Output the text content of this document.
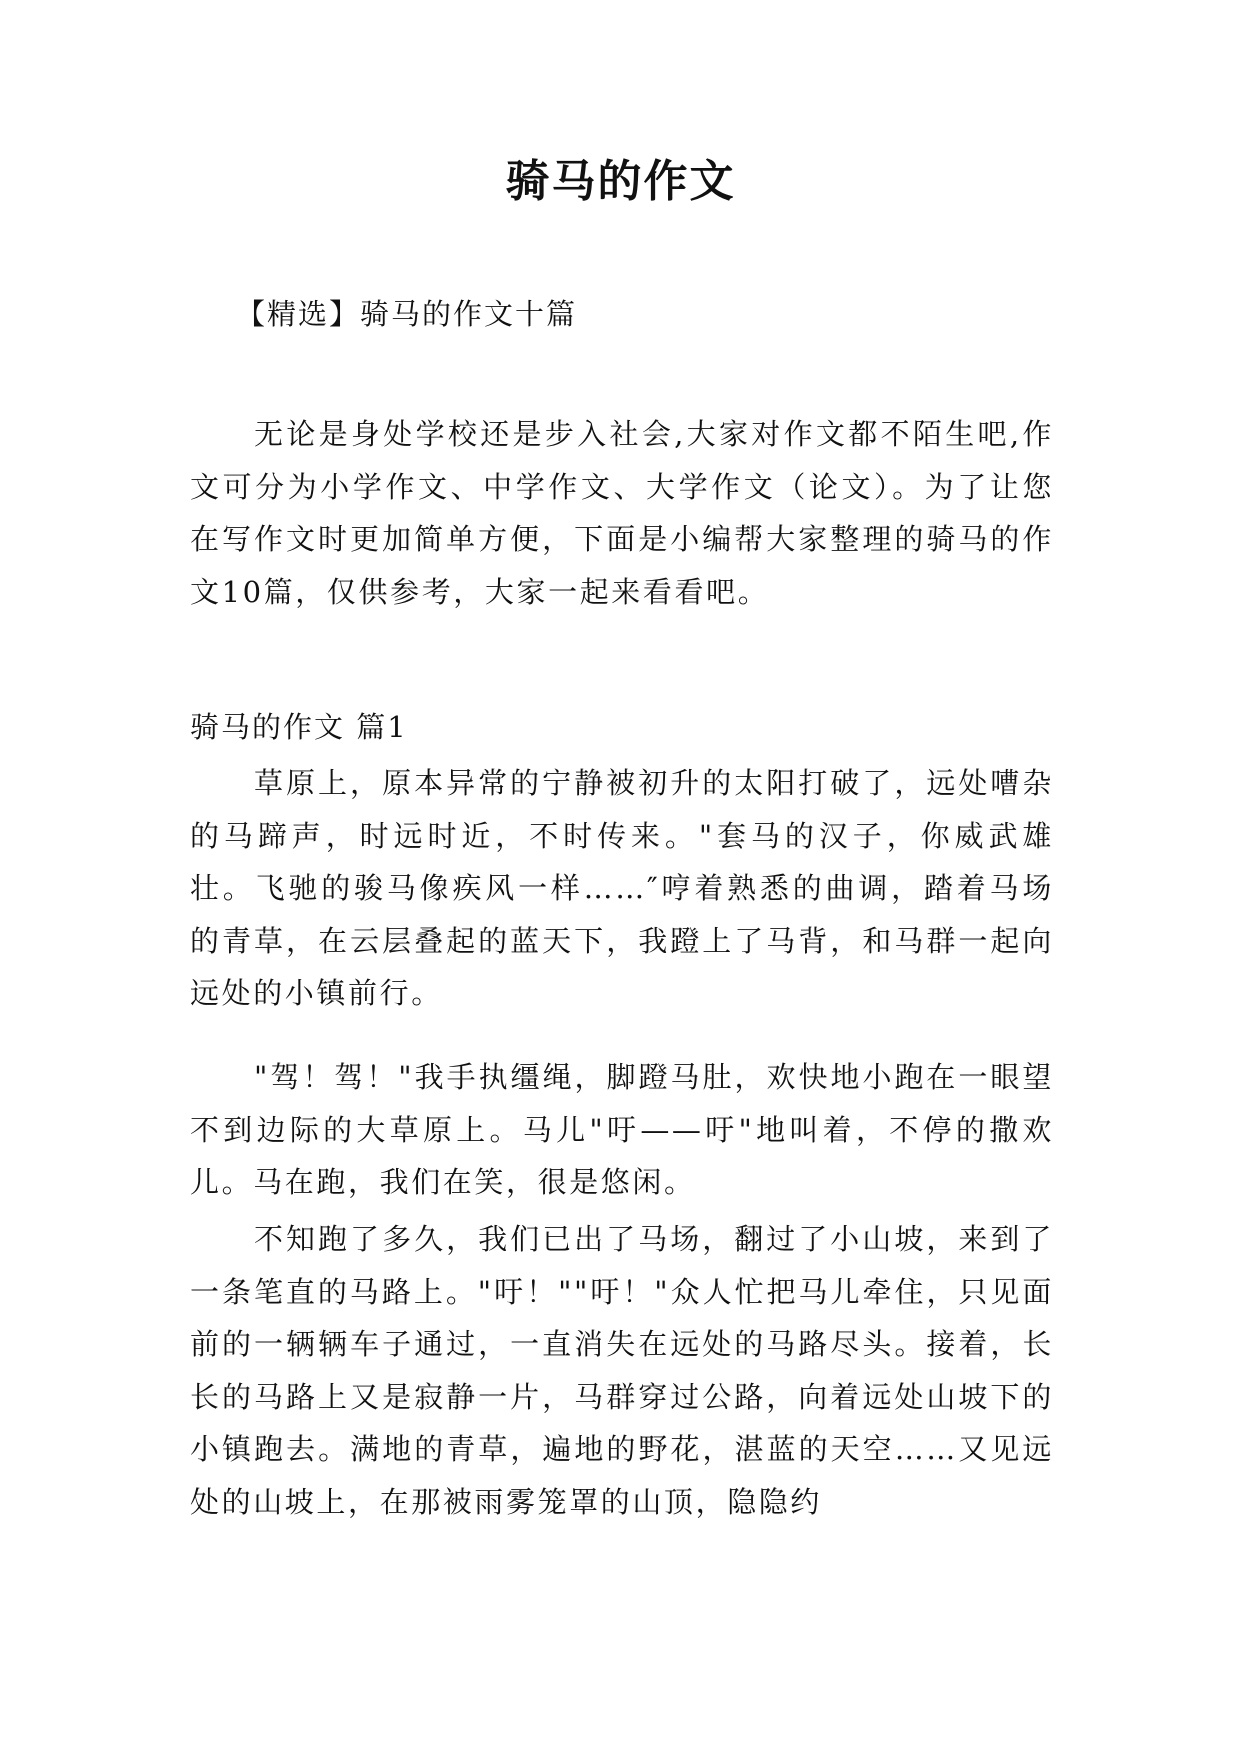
骑马的作文
【精选】骑马的作文十篇

无论是身处学校还是步入社会,大家对作文都不陌生吧,作文可分为小学作文、中学作文、大学作文（论文）。为了让您在写作文时更加简单方便，下面是小编帮大家整理的骑马的作文10篇，仅供参考，大家一起来看看吧。

骑马的作文 篇1

草原上，原本异常的宁静被初升的太阳打破了，远处嘈杂的马蹄声，时远时近，不时传来。"套马的汉子，你威武雄壮。飞驰的骏马像疾风一样……″哼着熟悉的曲调，踏着马场的青草，在云层叠起的蓝天下，我蹬上了马背，和马群一起向远处的小镇前行。

"驾！驾！"我手执缰绳，脚蹬马肚，欢快地小跑在一眼望不到边际的大草原上。马儿"吁——吁"地叫着，不停的撒欢儿。马在跑，我们在笑，很是悠闲。

不知跑了多久，我们已出了马场，翻过了小山坡，来到了一条笔直的马路上。"吁！""吁！"众人忙把马儿牵住，只见面前的一辆辆车子通过，一直消失在远处的马路尽头。接着，长长的马路上又是寂静一片，马群穿过公路，向着远处山坡下的小镇跑去。满地的青草，遍地的野花，湛蓝的天空……又见远处的山坡上，在那被雨雾笼罩的山顶，隐隐约
